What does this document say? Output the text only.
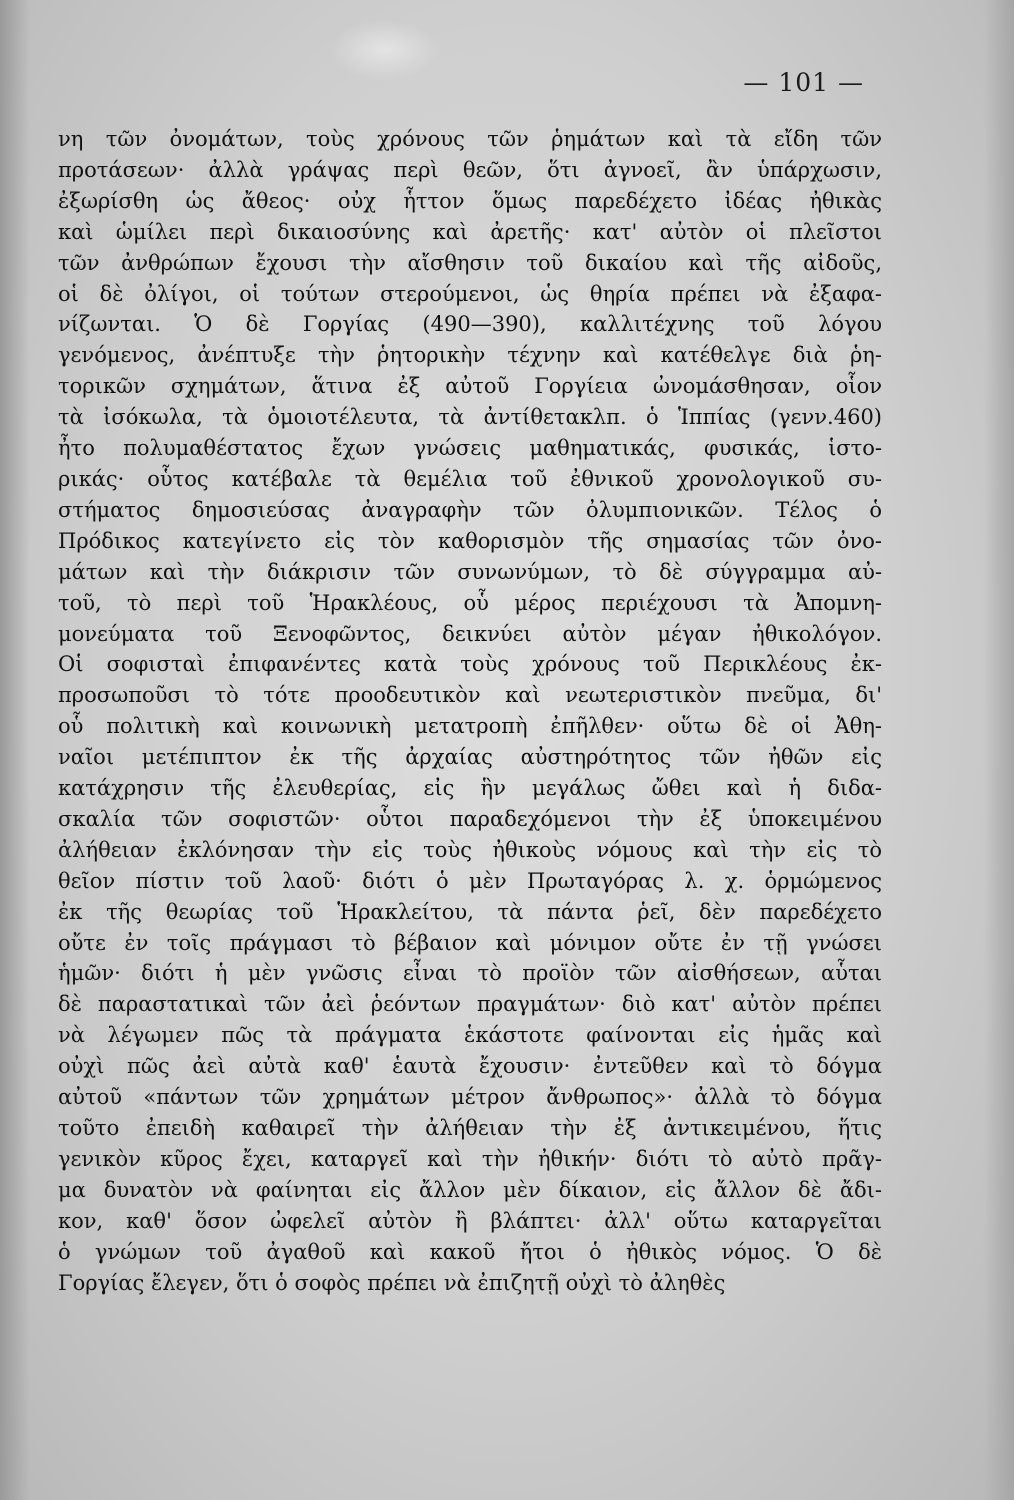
— 101 —
νη τῶν ὀνομάτων, τοὺς χρόνους τῶν ῥημάτων καὶ τὰ εἴδη τῶν
προτάσεων· ἀλλὰ γράψας περὶ θεῶν, ὅτι ἀγνοεῖ, ἂν ὑπάρχωσιν,
ἐξωρίσθη ὡς ἄθεος· οὐχ ἧττον ὅμως παρεδέχετο ἰδέας ἠθικὰς
καὶ ὡμίλει περὶ δικαιοσύνης καὶ ἀρετῆς· κατ' αὐτὸν οἱ πλεῖστοι
τῶν ἀνθρώπων ἔχουσι τὴν αἴσθησιν τοῦ δικαίου καὶ τῆς αἰδοῦς,
οἱ δὲ ὀλίγοι, οἱ τούτων στερούμενοι, ὡς θηρία πρέπει νὰ ἐξαφα-
νίζωνται. Ὁ δὲ Γοργίας (490—390), καλλιτέχνης τοῦ λόγου
γενόμενος, ἀνέπτυξε τὴν ῥητορικὴν τέχνην καὶ κατέθελγε διὰ ῥη-
τορικῶν σχημάτων, ἅτινα ἐξ αὐτοῦ Γοργίεια ὠνομάσθησαν, οἷον
τὰ ἰσόκωλα, τὰ ὁμοιοτέλευτα, τὰ ἀντίθετακλπ. ὁ Ἱππίας (γενν.460)
ἦτο πολυμαθέστατος ἔχων γνώσεις μαθηματικάς, φυσικάς, ἱστο-
ρικάς· οὗτος κατέβαλε τὰ θεμέλια τοῦ ἐθνικοῦ χρονολογικοῦ συ-
στήματος δημοσιεύσας ἀναγραφὴν τῶν ὀλυμπιονικῶν. Τέλος ὁ
Πρόδικος κατεγίνετο εἰς τὸν καθορισμὸν τῆς σημασίας τῶν ὀνο-
μάτων καὶ τὴν διάκρισιν τῶν συνωνύμων, τὸ δὲ σύγγραμμα αὐ-
τοῦ, τὸ περὶ τοῦ Ἡρακλέους, οὗ μέρος περιέχουσι τὰ Ἀπομνη-
μονεύματα τοῦ Ξενοφῶντος, δεικνύει αὐτὸν μέγαν ἠθικολόγον.
Οἱ σοφισταὶ ἐπιφανέντες κατὰ τοὺς χρόνους τοῦ Περικλέους ἐκ-
προσωποῦσι τὸ τότε προοδευτικὸν καὶ νεωτεριστικὸν πνεῦμα, δι'
οὗ πολιτικὴ καὶ κοινωνικὴ μετατροπὴ ἐπῆλθεν· οὕτω δὲ οἱ Ἀθη-
ναῖοι μετέπιπτον ἐκ τῆς ἀρχαίας αὐστηρότητος τῶν ἠθῶν εἰς
κατάχρησιν τῆς ἐλευθερίας, εἰς ἣν μεγάλως ὤθει καὶ ἡ διδα-
σκαλία τῶν σοφιστῶν· οὗτοι παραδεχόμενοι τὴν ἐξ ὑποκειμένου
ἀλήθειαν ἐκλόνησαν τὴν εἰς τοὺς ἠθικοὺς νόμους καὶ τὴν εἰς τὸ
θεῖον πίστιν τοῦ λαοῦ· διότι ὁ μὲν Πρωταγόρας λ. χ. ὁρμώμενος
ἐκ τῆς θεωρίας τοῦ Ἡρακλείτου, τὰ πάντα ῥεῖ, δὲν παρεδέχετο
οὔτε ἐν τοῖς πράγμασι τὸ βέβαιον καὶ μόνιμον οὔτε ἐν τῇ γνώσει
ἡμῶν· διότι ἡ μὲν γνῶσις εἶναι τὸ προϊὸν τῶν αἰσθήσεων, αὗται
δὲ παραστατικαὶ τῶν ἀεὶ ῥεόντων πραγμάτων· διὸ κατ' αὐτὸν πρέπει
νὰ λέγωμεν πῶς τὰ πράγματα ἑκάστοτε φαίνονται εἰς ἡμᾶς καὶ
οὐχὶ πῶς ἀεὶ αὐτὰ καθ' ἑαυτὰ ἔχουσιν· ἐντεῦθεν καὶ τὸ δόγμα
αὐτοῦ «πάντων τῶν χρημάτων μέτρον ἄνθρωπος»· ἀλλὰ τὸ δόγμα
τοῦτο ἐπειδὴ καθαιρεῖ τὴν ἀλήθειαν τὴν ἐξ ἀντικειμένου, ἥτις
γενικὸν κῦρος ἔχει, καταργεῖ καὶ τὴν ἠθικήν· διότι τὸ αὐτὸ πρᾶγ-
μα δυνατὸν νὰ φαίνηται εἰς ἄλλον μὲν δίκαιον, εἰς ἄλλον δὲ ἄδι-
κον, καθ' ὅσον ὠφελεῖ αὐτὸν ἢ βλάπτει· ἀλλ' οὕτω καταργεῖται
ὁ γνώμων τοῦ ἀγαθοῦ καὶ κακοῦ ἤτοι ὁ ἠθικὸς νόμος. Ὁ δὲ
Γοργίας ἔλεγεν, ὅτι ὁ σοφὸς πρέπει νὰ ἐπιζητῇ οὐχὶ τὸ ἀληθὲς
